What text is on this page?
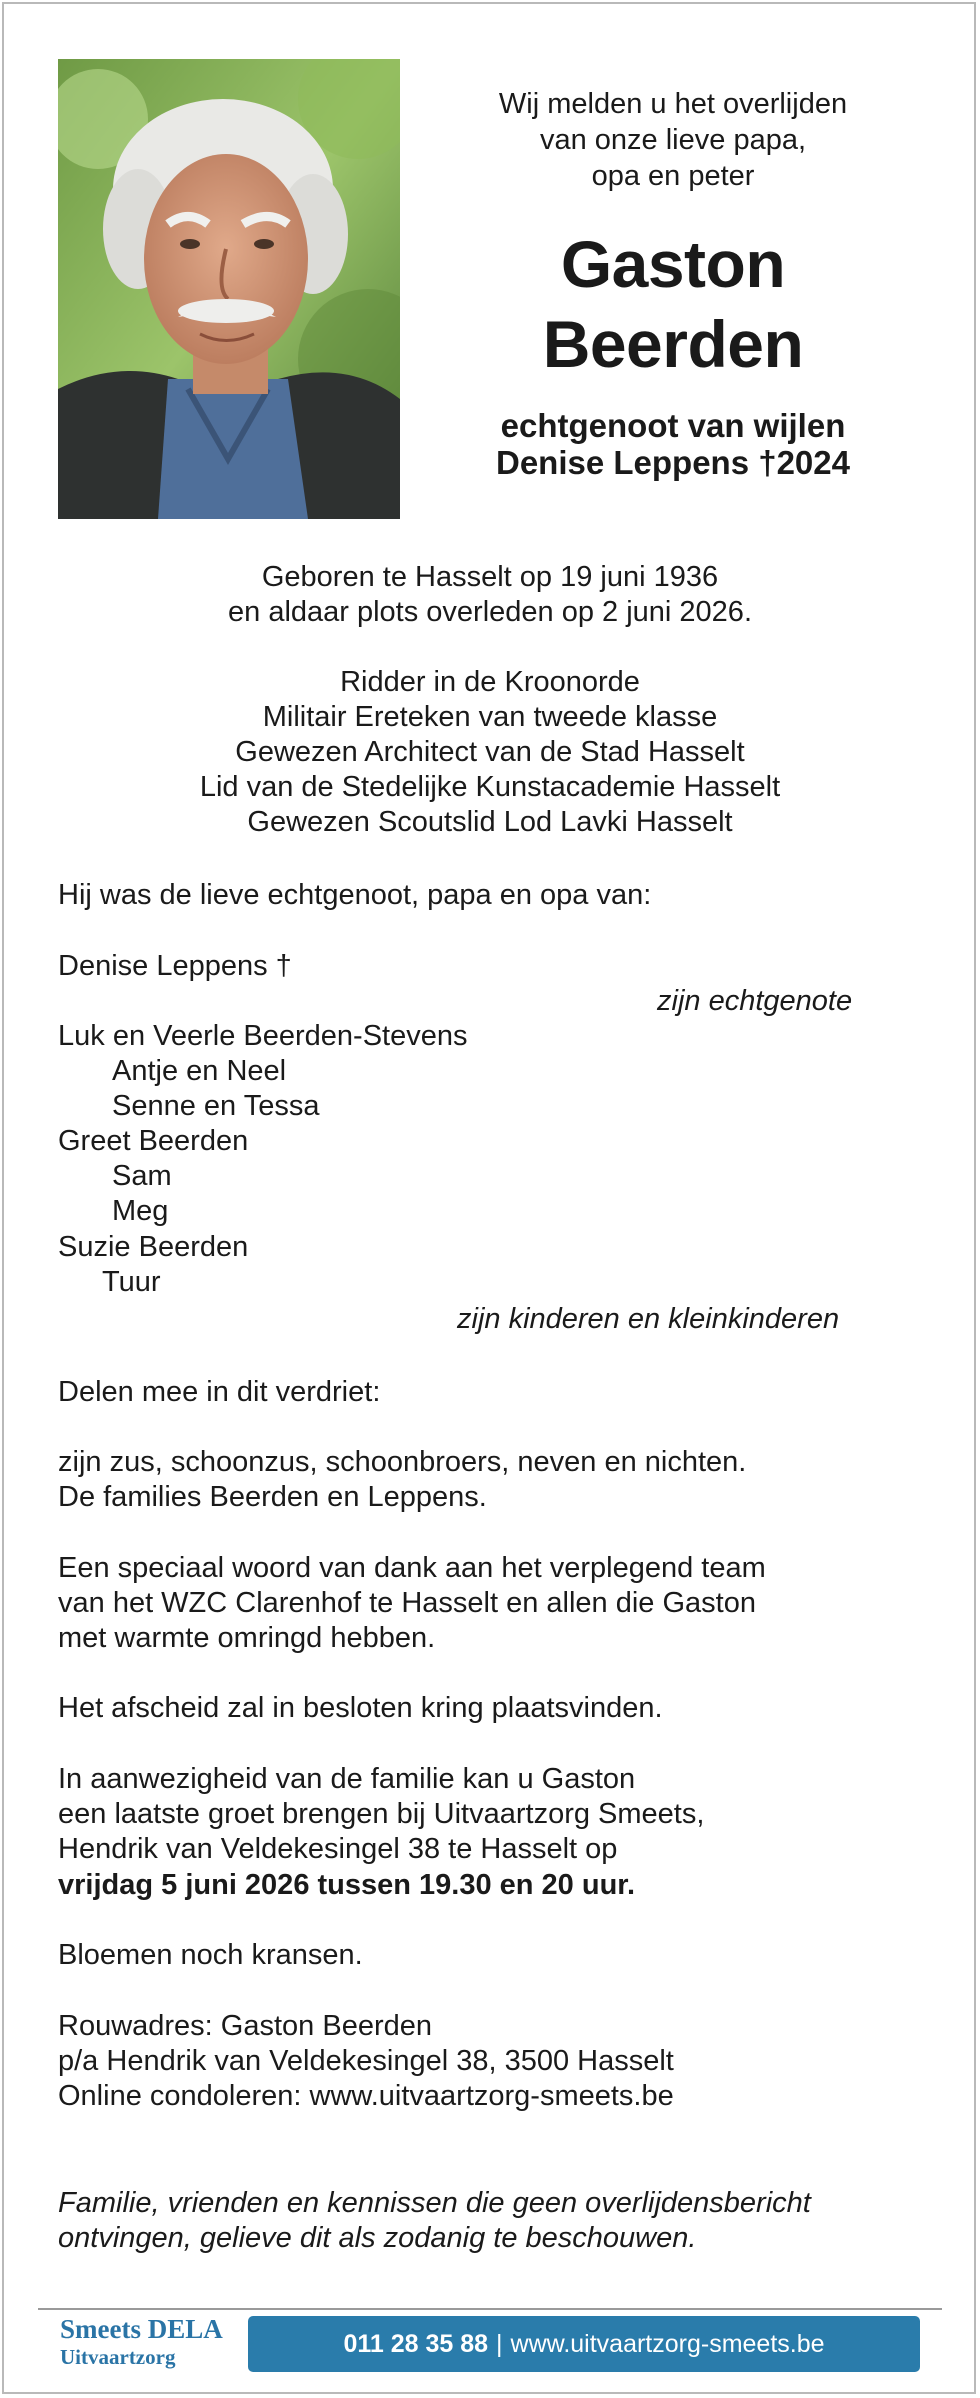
Wij melden u het overlijden
van onze lieve papa,
opa en peter
Gaston
Beerden
echtgenoot van wijlen
Denise Leppens †2024
Geboren te Hasselt op 19 juni 1936
en aldaar plots overleden op 2 juni 2026.
Ridder in de Kroonorde
Militair Ereteken van tweede klasse
Gewezen Architect van de Stad Hasselt
Lid van de Stedelijke Kunstacademie Hasselt
Gewezen Scoutslid Lod Lavki Hasselt
Hij was de lieve echtgenoot, papa en opa van:
Denise Leppens †
zijn echtgenote
Luk en Veerle Beerden-Stevens
Antje en Neel
Senne en Tessa
Greet Beerden
Sam
Meg
Suzie Beerden
Tuur
zijn kinderen en kleinkinderen
Delen mee in dit verdriet:
zijn zus, schoonzus, schoonbroers, neven en nichten.
De families Beerden en Leppens.
Een speciaal woord van dank aan het verplegend team
van het WZC Clarenhof te Hasselt en allen die Gaston
met warmte omringd hebben.
Het afscheid zal in besloten kring plaatsvinden.
In aanwezigheid van de familie kan u Gaston
een laatste groet brengen bij Uitvaartzorg Smeets,
Hendrik van Veldekesingel 38 te Hasselt op
vrijdag 5 juni 2026 tussen 19.30 en 20 uur.
Bloemen noch kransen.
Rouwadres: Gaston Beerden
p/a Hendrik van Veldekesingel 38, 3500 Hasselt
Online condoleren: www.uitvaartzorg-smeets.be
Familie, vrienden en kennissen die geen overlijdensbericht
ontvingen, gelieve dit als zodanig te beschouwen.
Smeets DELA
Uitvaartzorg	011 28 35 88 | www.uitvaartzorg-smeets.be
